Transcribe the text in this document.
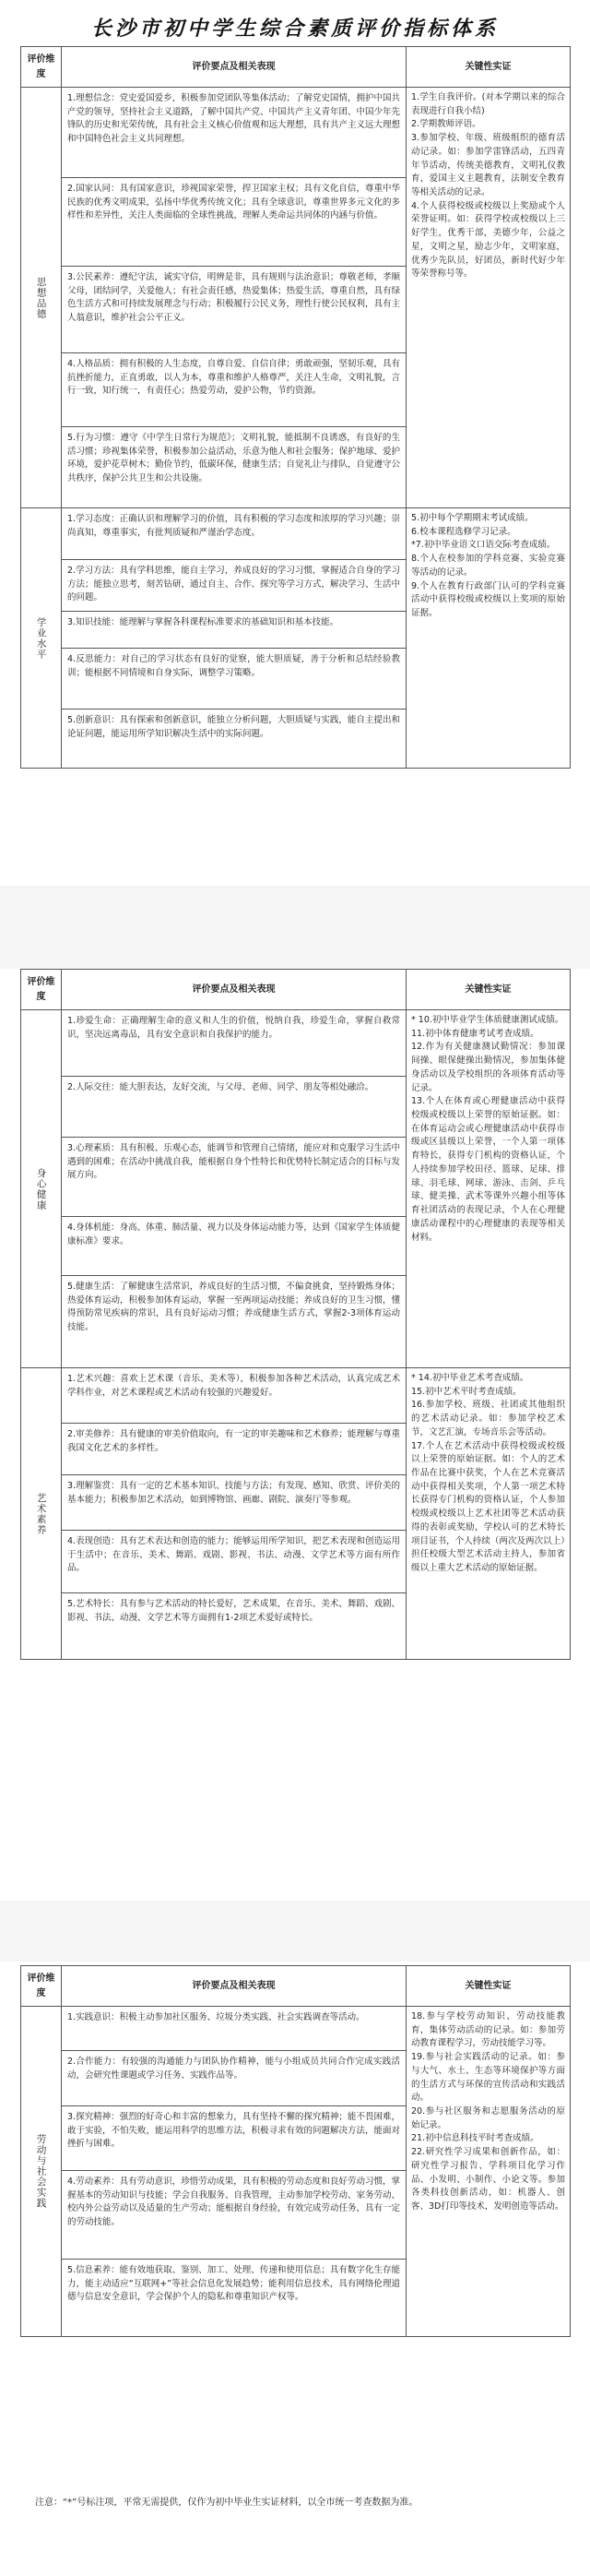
长沙市初中学生综合素质评价指标体系
评价维度	评价要点及相关表现	关键性实证
思想品德	1.理想信念：党史爱国爱乡，积极参加党团队等集体活动；了解党史国情，拥护中国共产党的领导，坚持社会主义道路，了解中国共产党、中国共产主义青年团、中国少年先锋队的历史和光荣传统，具有社会主义核心价值观和远大理想，具有共产主义远大理想和中国特色社会主义共同理想。	1.学生自我评价。(对本学期以来的综合表现进行自我小结)
2.学期教师评语。
3.参加学校、年级、班级组织的德育活动记录。如：参加学雷锋活动，五四青年节活动，传统美德教育，文明礼仪教育，爱国主义主题教育，法制安全教育等相关活动的记录。
4.个人获得校级或校级以上奖励或个人荣誉证明。如：获得学校或校级以上三好学生，优秀干部，美德少年，公益之星，文明之星，励志少年，文明家庭，优秀少先队员，好团员，新时代好少年等荣誉称号等。

	2.国家认同：具有国家意识，珍视国家荣誉，捍卫国家主权；具有文化自信，尊重中华民族的优秀文明成果，弘扬中华优秀传统文化；具有全球意识，尊重世界多元文化的多样性和差异性，关注人类面临的全球性挑战，理解人类命运共同体的内涵与价值。	
	3.公民素养：遵纪守法，诚实守信，明辨是非，具有规则与法治意识；尊敬老师，孝顺父母，团结同学，关爱他人；有社会责任感，热爱集体；热爱生活，尊重自然，具有绿色生活方式和可持续发展理念与行动；积极履行公民义务，理性行使公民权利，具有主人翁意识，维护社会公平正义。	
	4.人格品质：拥有积极的人生态度，自尊自爱、自信自律；勇敢顽强，坚韧乐观，具有抗挫折能力，正直勇敢，以人为本，尊重和维护人格尊严，关注人生命，文明礼貌，言行一致，知行统一，有责任心；热爱劳动，爱护公物，节约资源。	
	5.行为习惯：遵守《中学生日常行为规范》；文明礼貌，能抵制不良诱惑，有良好的生活习惯；珍视集体荣誉，积极参加公益活动，乐意为他人和社会服务；保护地球、爱护环境，爱护花草树木；勤俭节约，低碳环保，健康生活；自觉礼让与排队，自觉遵守公共秩序，保护公共卫生和公共设施。	
学业水平	1.学习态度：正确认识和理解学习的价值，具有积极的学习态度和浓厚的学习兴趣；崇尚真知，尊重事实，有批判质疑和严谨治学态度。	5.初中每个学期期末考试成绩。
6.校本课程选修学习记录。
*7.初中毕业语文口语交际考查成绩。
8.个人在校参加的学科竞赛、实验竞赛等活动的记录。
9.个人在教育行政部门认可的学科竞赛活动中获得校级或校级以上奖项的原始证据。

	2.学习方法：具有学科思维，能自主学习，养成良好的学习习惯，掌握适合自身的学习方法；能独立思考，刻苦钻研，通过自主、合作、探究等学习方式，解决学习、生活中的问题。	
	3.知识技能：能理解与掌握各科课程标准要求的基础知识和基本技能。	
	4.反思能力：对自己的学习状态有良好的觉察，能大胆质疑，善于分析和总结经验教训；能根据不同情境和自身实际，调整学习策略。	
	5.创新意识：具有探索和创新意识，能独立分析问题，大胆质疑与实践，能自主提出和论证问题，能运用所学知识解决生活中的实际问题。	
评价维度	评价要点及相关表现	关键性实证
身心健康	1.珍爱生命：正确理解生命的意义和人生的价值，悦纳自我，珍爱生命，掌握自救常识，坚决远离毒品，具有安全意识和自我保护的能力。	* 10.初中毕业学生体质健康测试成绩。
11.初中体育健康考试考查成绩。
12.作为有关健康测试勤情况：参加课间操、眼保健操出勤情况，参加集体健身活动以及学校组织的各项体育活动等记录。
13.个人在体育或心理健康活动中获得校级或校级以上荣誉的原始证据。如：在体育运动会或心理健康活动中获得市级或区县级以上荣誉，一个人第一项体育特长，获得专门机构的资格认证，个人持续参加学校田径、篮球、足球、排球、羽毛球、网球、游泳、击剑、乒乓球、健美操、武术等课外兴趣小组等体育社团活动的表现记录，个人在心理健康活动课程中的心理健康的表现等相关材料。

	2.人际交往：能大胆表达，友好交流，与父母、老师、同学、朋友等相处融洽。	
	3.心理素质：具有积极、乐观心态，能调节和管理自己情绪，能应对和克服学习生活中遇到的困难；在活动中挑战自我，能根据自身个性特长和优势特长制定适合的目标与发展方向。	
	4.身体机能：身高、体重、肺活量、视力以及身体运动能力等，达到《国家学生体质健康标准》要求。	
	5.健康生活：了解健康生活常识，养成良好的生活习惯，不偏食挑食，坚持锻炼身体；热爱体育运动，积极参加体育运动，掌握一至两项运动技能；养成良好的卫生习惯，懂得预防常见疾病的常识，具有良好运动习惯；养成健康生活方式，掌握2-3项体育运动技能。	
艺术素养	1.艺术兴趣：喜欢上艺术课（音乐、美术等），积极参加各种艺术活动，认真完成艺术学科作业，对艺术课程或艺术活动有较强的兴趣爱好。	* 14.初中毕业艺术考查成绩。
15.初中艺术平时考查成绩。
16.参加学校、班级、社团或其他组织的艺术活动记录。如：参加学校艺术节，文艺汇演，专场音乐会等活动。
17.个人在艺术活动中获得校级或校级以上荣誉的原始证据。如：个人的艺术作品在比赛中获奖，个人在艺术竞赛活动中获得相关奖项，个人第一项艺术特长获得专门机构的资格认证，个人参加校级或校级以上艺术社团等艺术活动获得的表彰或奖励，学校认可的艺术特长项目证书，个人持续（两次及两次以上）担任校级大型艺术活动主持人，参加省级以上重大艺术活动的原始证据。

	2.审美修养：具有健康的审美价值取向，有一定的审美趣味和艺术修养；能理解与尊重我国文化艺术的多样性。	
	3.理解鉴赏：具有一定的艺术基本知识、技能与方法；有发现、感知、欣赏、评价美的基本能力；积极参加艺术活动，如到博物馆、画廊、剧院、演奏厅等参观。	
	4.表现创造：具有艺术表达和创造的能力；能够运用所学知识，把艺术表现和创造运用于生活中；在音乐、美术、舞蹈、戏剧、影视、书法、动漫、文学艺术等方面有所作品。	
	5.艺术特长：具有参与艺术活动的特长爱好，艺术成果，在音乐、美术、舞蹈、戏剧、影视、书法、动漫、文学艺术等方面拥有1-2项艺术爱好或特长。	
评价维度	评价要点及相关表现	关键性实证
劳动与社会实践	1.实践意识：积极主动参加社区服务、垃圾分类实践、社会实践调查等活动。	18.参与学校劳动知识、劳动技能教育，集体劳动活动的记录。如：参加劳动教育课程学习，劳动技能学习等。
19.参与社会实践活动的记录。如：参与大气、水土、生态等环境保护等方面的生活方式与环保的宣传活动和实践活动。
20.参与社区服务和志愿服务活动的原始记录。
21.初中信息科技平时考查成绩。
22.研究性学习成果和创新作品，如：研究性学习报告、学科项目化学习作品、小发明、小制作、小论文等。参加各类科技创新活动，如：机器人、创客、3D打印等技术，发明创造等活动。

	2.合作能力：有较强的沟通能力与团队协作精神，能与小组成员共同合作完成实践活动，会研究性课题或学习任务、实践作品等。	
	3.探究精神：强烈的好奇心和丰富的想象力，具有坚持不懈的探究精神；能不畏困难，敢于实验，不怕失败，能运用科学的思维方法，积极寻求有效的问题解决方法，能面对挫折与困难。	
	4.劳动素养：具有劳动意识，珍惜劳动成果，具有积极的劳动态度和良好劳动习惯，掌握基本的劳动知识与技能；学会自我服务、自我管理，主动参加学校劳动、家务劳动、校内外公益劳动以及适量的生产劳动；能根据自身经验，有效完成劳动任务，具有一定的劳动技能。	
	5.信息素养：能有效地获取、鉴别、加工、处理、传递和使用信息；具有数字化生存能力，能主动适应“互联网+”等社会信息化发展趋势；能利用信息技术，具有网络伦理道德与信息安全意识，学会保护个人的隐私和尊重知识产权等。	
注意：“*”号标注项，平常无需提供，仅作为初中毕业生实证材料，以全市统一考查数据为准。
